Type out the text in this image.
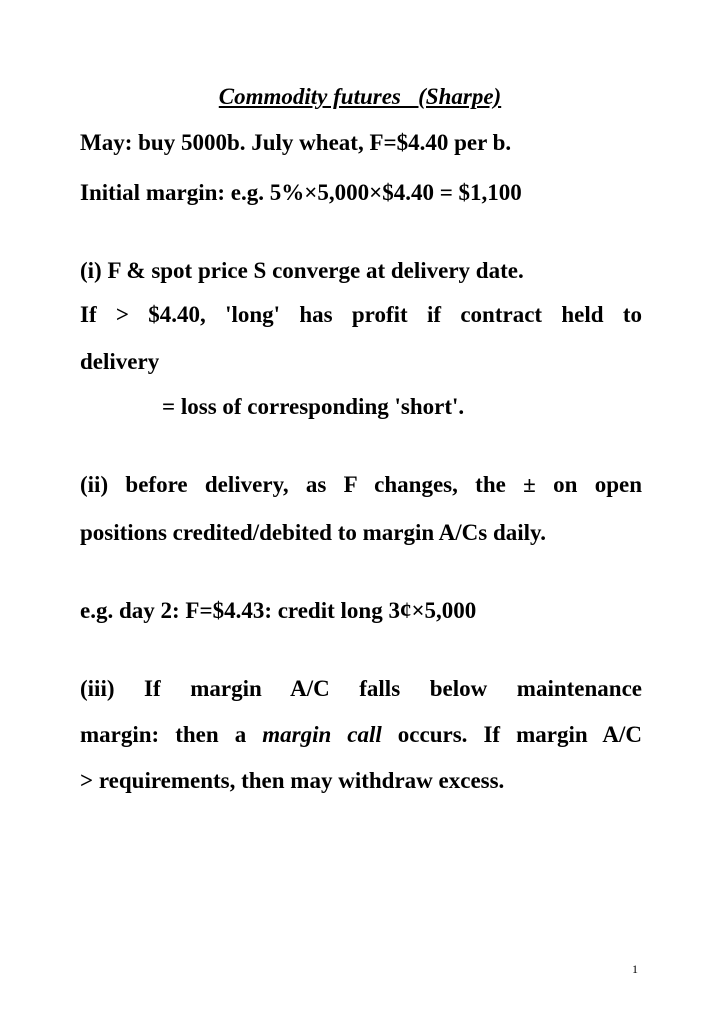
Commodity futures   (Sharpe)
May: buy 5000b. July wheat, F=$4.40 per b.
Initial margin: e.g. 5%×5,000×$4.40 = $1,100
(i) F & spot price S converge at delivery date.
If > $4.40, 'long' has profit if contract held to
delivery
= loss of corresponding 'short'.
(ii) before delivery, as F changes, the ± on open
positions credited/debited to margin A/Cs daily.
e.g. day 2: F=$4.43: credit long 3¢×5,000
(iii) If margin A/C falls below maintenance
margin: then a margin call occurs. If margin A/C
> requirements, then may withdraw excess.
1
